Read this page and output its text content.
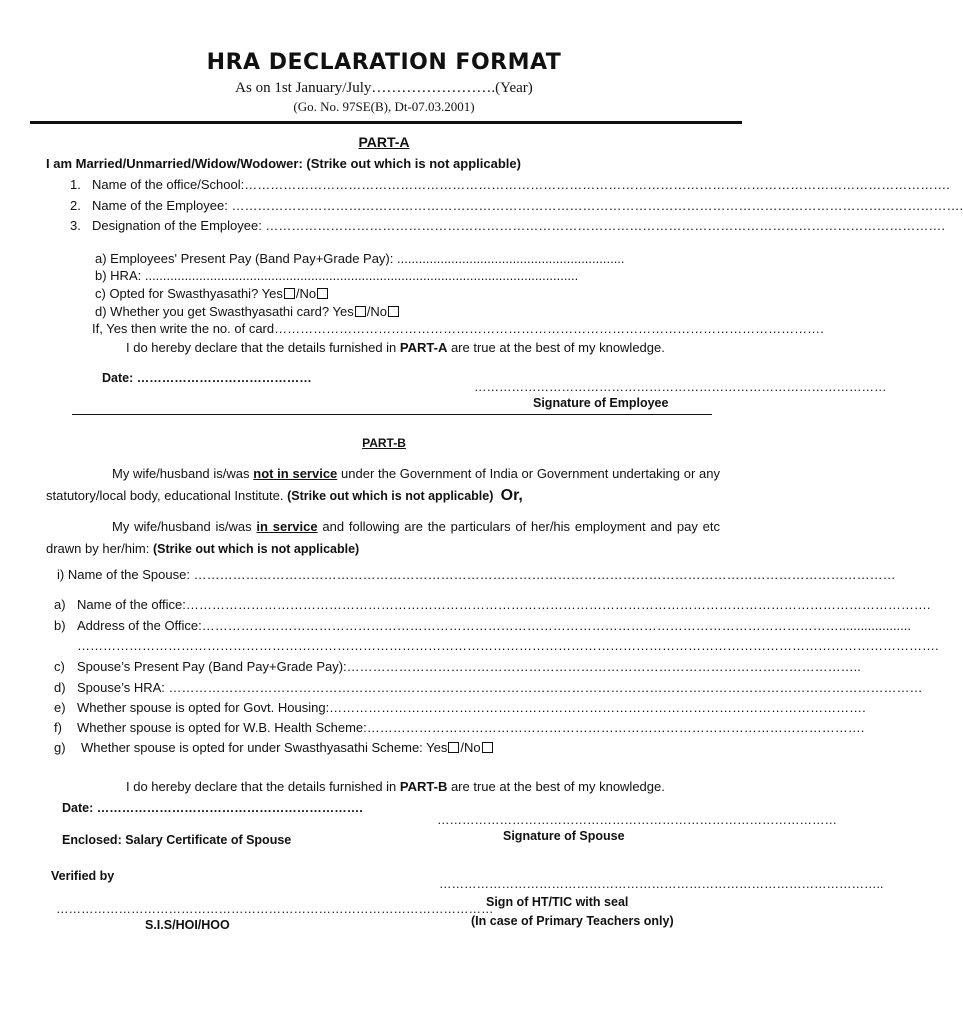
HRA DECLARATION FORMAT
As on 1st January/July…………………….(Year)
(Go. No. 97SE(B), Dt-07.03.2001)
PART-A
I am Married/Unmarried/Widow/Wodower: (Strike out which is not applicable)
1. Name of the office/School:……………………………………………………………………………………………………………………………………………….
2. Name of the Employee: …………………………………………………………………………………………………………………………………………………….
3. Designation of the Employee: ………………………………………………………………………………………………………………………………………….
a) Employees' Present Pay (Band Pay+Grade Pay): ...............................................................
b) HRA: ........................................................................................................................
c) Opted for Swasthyasathi? Yes /No
d) Whether you get Swasthyasathi card? Yes /No
If, Yes then write the no. of card……………………………………………………………………………………………………………….
I do hereby declare that the details furnished in PART-A are true at the best of my knowledge.
Date: ……………………………………
………………………………………………………………………………………
Signature of Employee
PART-B
My wife/husband is/was not in service under the Government of India or Government undertaking or any statutory/local body, educational Institute. (Strike out which is not applicable) Or,
My wife/husband is/was in service and following are the particulars of her/his employment and pay etc drawn by her/him: (Strike out which is not applicable)
i) Name of the Spouse: ………………………………………………………………………………………………………………………………………………
a) Name of the office:……………………………………………………………………………………………………………………………………………………….
b) Address of the Office:…………………………………………………………………………………………………………………………………....................
……………………………………………………………………………………………………………………………………………………………………………….
c) Spouse’s Present Pay (Band Pay+Grade Pay):………………………………………………………………………………………………………..
d) Spouse’s HRA: …………………………………………………………………………………………………………………………………………………………
e) Whether spouse is opted for Govt. Housing:…………………………………………………………………………………………………………….
f) Whether spouse is opted for W.B. Health Scheme:…………………………………………………………………………………………………….
g) Whether spouse is opted for under Swasthyasathi Scheme: Yes /No
I do hereby declare that the details furnished in PART-B are true at the best of my knowledge.
Date: ……………………………………………………….
……………………………………………………………………………………
Signature of Spouse
Enclosed: Salary Certificate of Spouse
Verified by
……………………………………………………………………………………………..
Sign of HT/TIC with seal
……………………………………………………………………………………………
(In case of Primary Teachers only)
S.I.S/HOI/HOO
